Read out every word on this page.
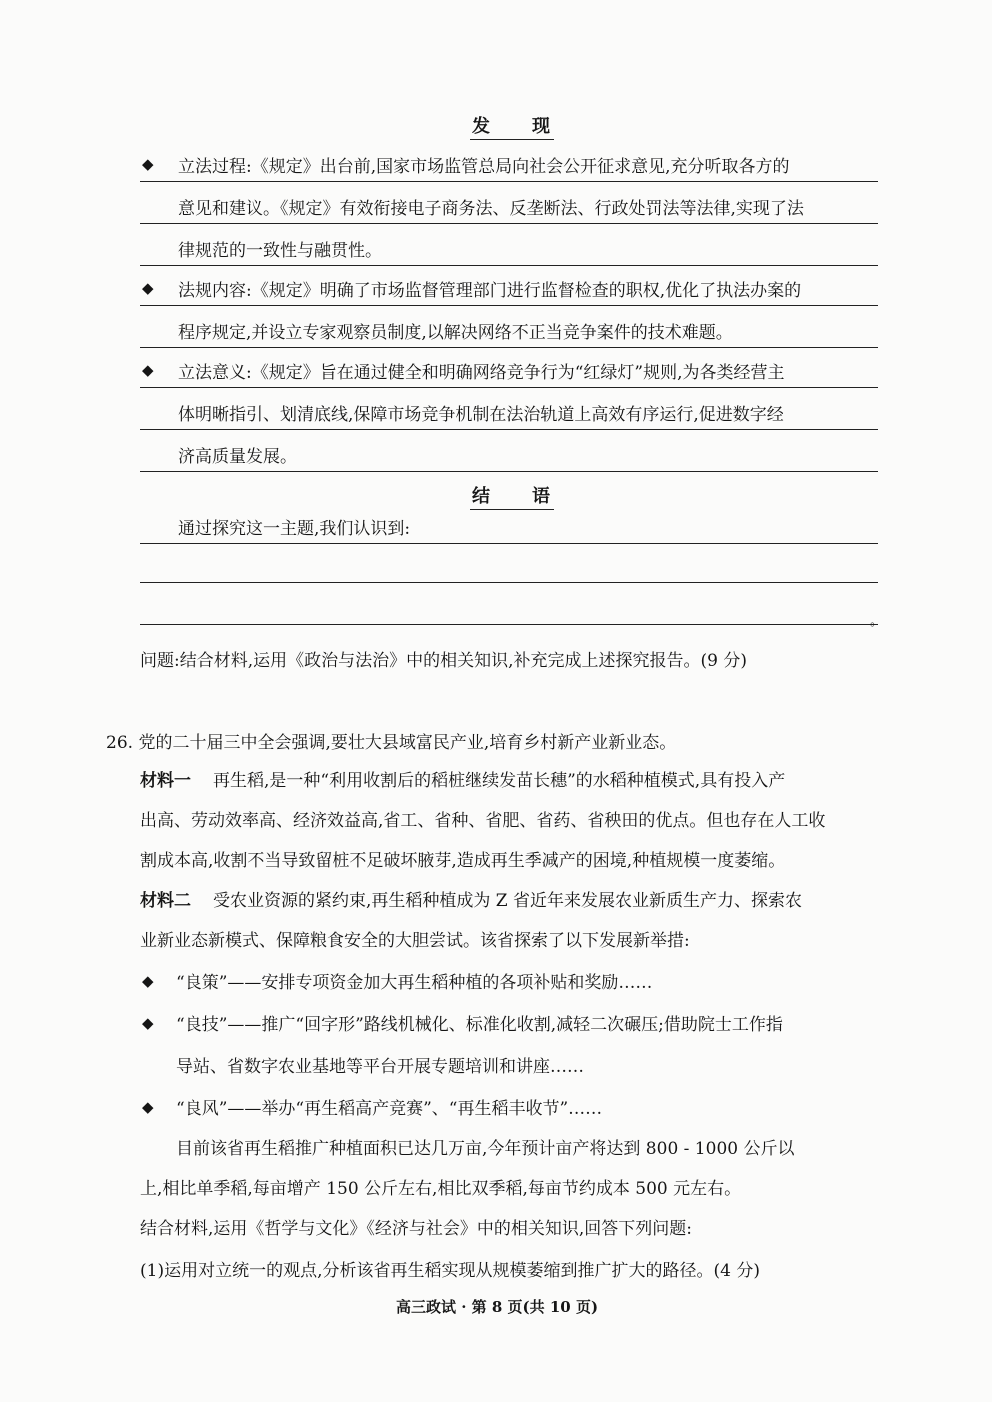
发　　现
◆ 立法过程:《规定》出台前,国家市场监管总局向社会公开征求意见,充分听取各方的
意见和建议。《规定》有效衔接电子商务法、反垄断法、行政处罚法等法律,实现了法
律规范的一致性与融贯性。
◆ 法规内容:《规定》明确了市场监督管理部门进行监督检查的职权,优化了执法办案的
程序规定,并设立专家观察员制度,以解决网络不正当竞争案件的技术难题。
◆ 立法意义:《规定》旨在通过健全和明确网络竞争行为“红绿灯”规则,为各类经营主
体明晰指引、划清底线,保障市场竞争机制在法治轨道上高效有序运行,促进数字经
济高质量发展。
结　　语
通过探究这一主题,我们认识到:
。
问题:结合材料,运用《政治与法治》中的相关知识,补充完成上述探究报告。(9 分)
26. 党的二十届三中全会强调,要壮大县域富民产业,培育乡村新产业新业态。
材料一 再生稻,是一种“利用收割后的稻桩继续发苗长穗”的水稻种植模式,具有投入产
出高、劳动效率高、经济效益高,省工、省种、省肥、省药、省秧田的优点。但也存在人工收
割成本高,收割不当导致留桩不足破坏腋芽,造成再生季减产的困境,种植规模一度萎缩。
材料二 受农业资源的紧约束,再生稻种植成为 Z 省近年来发展农业新质生产力、探索农
业新业态新模式、保障粮食安全的大胆尝试。该省探索了以下发展新举措:
◆ “良策”——安排专项资金加大再生稻种植的各项补贴和奖励……
◆ “良技”——推广“回字形”路线机械化、标准化收割,减轻二次碾压;借助院士工作指
导站、省数字农业基地等平台开展专题培训和讲座……
◆ “良风”——举办“再生稻高产竞赛”、“再生稻丰收节”……
目前该省再生稻推广种植面积已达几万亩,今年预计亩产将达到 800 - 1000 公斤以
上,相比单季稻,每亩增产 150 公斤左右,相比双季稻,每亩节约成本 500 元左右。
结合材料,运用《哲学与文化》《经济与社会》中的相关知识,回答下列问题:
(1)运用对立统一的观点,分析该省再生稻实现从规模萎缩到推广扩大的路径。(4 分)
高三政试 · 第 8 页(共 10 页)
